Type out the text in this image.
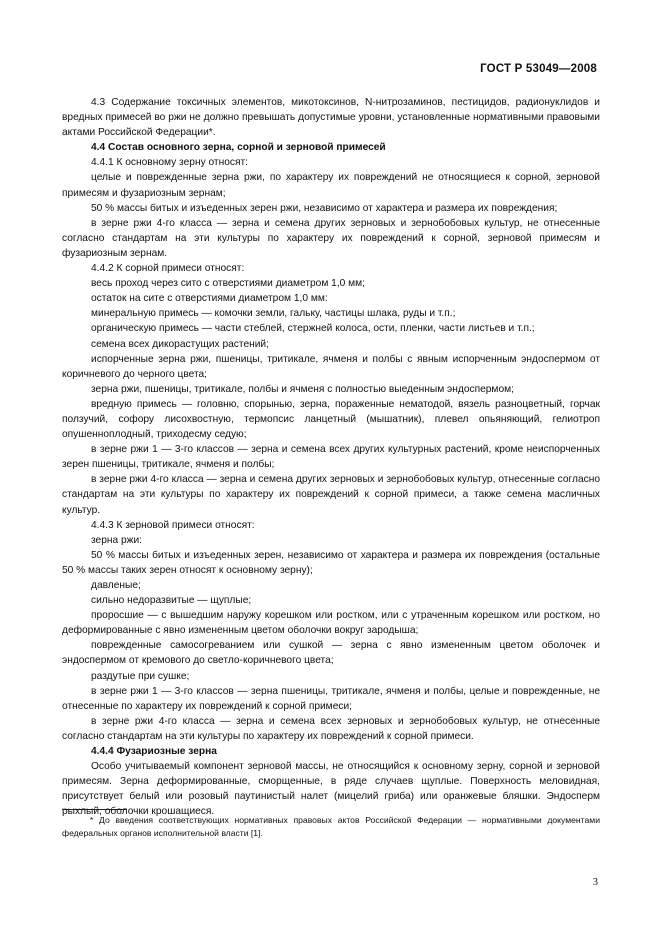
ГОСТ Р 53049—2008

4.3 Содержание токсичных элементов, микотоксинов, N-нитрозаминов, пестицидов, радионуклидов и вредных примесей во ржи не должно превышать допустимые уровни, установленные нормативными правовыми актами Российской Федерации*.

4.4 Состав основного зерна, сорной и зерновой примесей

4.4.1 К основному зерну относят:

целые и поврежденные зерна ржи, по характеру их повреждений не относящиеся к сорной, зерновой примесям и фузариозным зернам;

50 % массы битых и изъеденных зерен ржи, независимо от характера и размера их повреждения;

в зерне ржи 4-го класса — зерна и семена других зерновых и зернобобовых культур, не отнесенные согласно стандартам на эти культуры по характеру их повреждений к сорной, зерновой примесям и фузариозным зернам.

4.4.2 К сорной примеси относят:

весь проход через сито с отверстиями диаметром 1,0 мм;

остаток на сите с отверстиями диаметром 1,0 мм:

минеральную примесь — комочки земли, гальку, частицы шлака, руды и т.п.;

органическую примесь — части стеблей, стержней колоса, ости, пленки, части листьев и т.п.;

семена всех дикорастущих растений;

испорченные зерна ржи, пшеницы, тритикале, ячменя и полбы с явным испорченным эндоспермом от коричневого до черного цвета;

зерна ржи, пшеницы, тритикале, полбы и ячменя с полностью выеденным эндоспермом;

вредную примесь — головню, спорынью, зерна, пораженные нематодой, вязель разноцветный, горчак ползучий, софору лисохвостную, термопсис ланцетный (мышатник), плевел опьяняющий, гелиотроп опушеннoплодный, триходесму седую;

в зерне ржи 1 — 3-го классов — зерна и семена всех других культурных растений, кроме неиспорченных зерен пшеницы, тритикале, ячменя и полбы;

в зерне ржи 4-го класса — зерна и семена других зерновых и зернобобовых культур, отнесенные согласно стандартам на эти культуры по характеру их повреждений к сорной примеси, а также семена масличных культур.

4.4.3 К зерновой примеси относят:

зерна ржи:

50 % массы битых и изъеденных зерен, независимо от характера и размера их повреждения (остальные 50 % массы таких зерен относят к основному зерну);

давленые;

сильно недоразвитые — щуплые;

проросшие — с вышедшим наружу корешком или ростком, или с утраченным корешком или ростком, но деформированные с явно измененным цветом оболочки вокруг зародыша;

поврежденные самосогреванием или сушкой — зерна с явно измененным цветом оболочек и эндоспермом от кремового до светло-коричневого цвета;

раздутые при сушке;

в зерне ржи 1 — 3-го классов — зерна пшеницы, тритикале, ячменя и полбы, целые и поврежденные, не отнесенные по характеру их повреждений к сорной примеси;

в зерне ржи 4-го класса — зерна и семена всех зерновых и зернобобовых культур, не отнесенные согласно стандартам на эти культуры по характеру их повреждений к сорной примеси.

4.4.4 Фузариозные зерна

Особо учитываемый компонент зерновой массы, не относящийся к основному зерну, сорной и зерновой примесям. Зерна деформированные, сморщенные, в ряде случаев щуплые. Поверхность меловидная, присутствует белый или розовый паутинистый налет (мицелий гриба) или оранжевые бляшки. Эндосперм рыхлый, оболочки крошащиеся.

* До введения соответствующих нормативных правовых актов Российской Федерации — нормативными документами федеральных органов исполнительной власти [1].

3
